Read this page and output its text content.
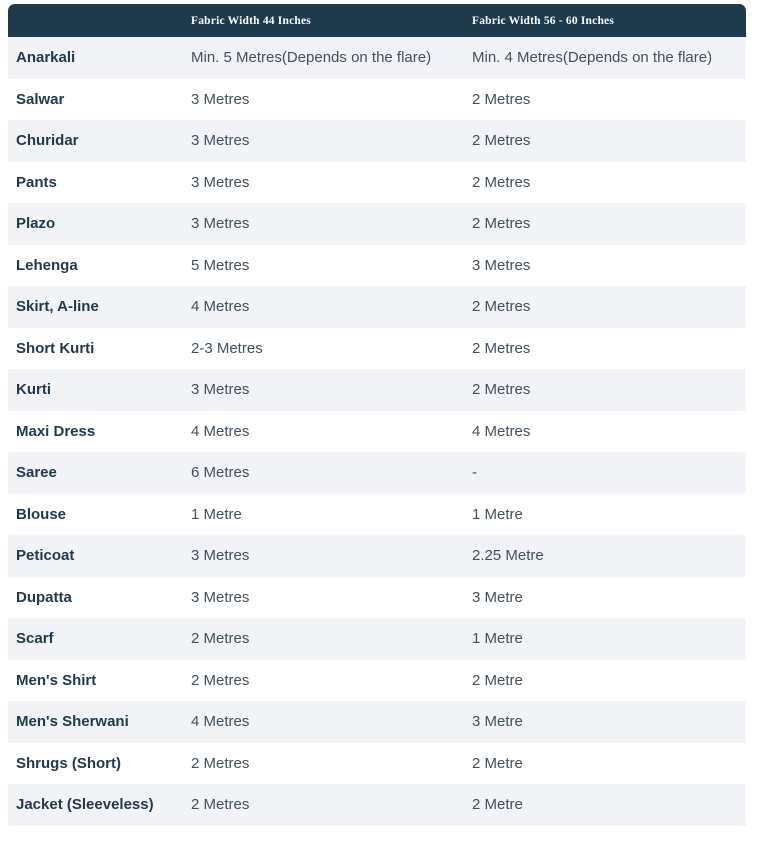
	Fabric Width 44 Inches	Fabric Width 56 - 60 Inches
Anarkali	Min. 5 Metres(Depends on the flare)	Min. 4 Metres(Depends on the flare)
Salwar	3 Metres	2 Metres
Churidar	3 Metres	2 Metres
Pants	3 Metres	2 Metres
Plazo	3 Metres	2 Metres
Lehenga	5 Metres	3 Metres
Skirt, A-line	4 Metres	2 Metres
Short Kurti	2-3 Metres	2 Metres
Kurti	3 Metres	2 Metres
Maxi Dress	4 Metres	4 Metres
Saree	6 Metres	-
Blouse	1 Metre	1 Metre
Peticoat	3 Metres	2.25 Metre
Dupatta	3 Metres	3 Metre
Scarf	2 Metres	1 Metre
Men's Shirt	2 Metres	2 Metre
Men's Sherwani	4 Metres	3 Metre
Shrugs (Short)	2 Metres	2 Metre
Jacket (Sleeveless)	2 Metres	2 Metre
